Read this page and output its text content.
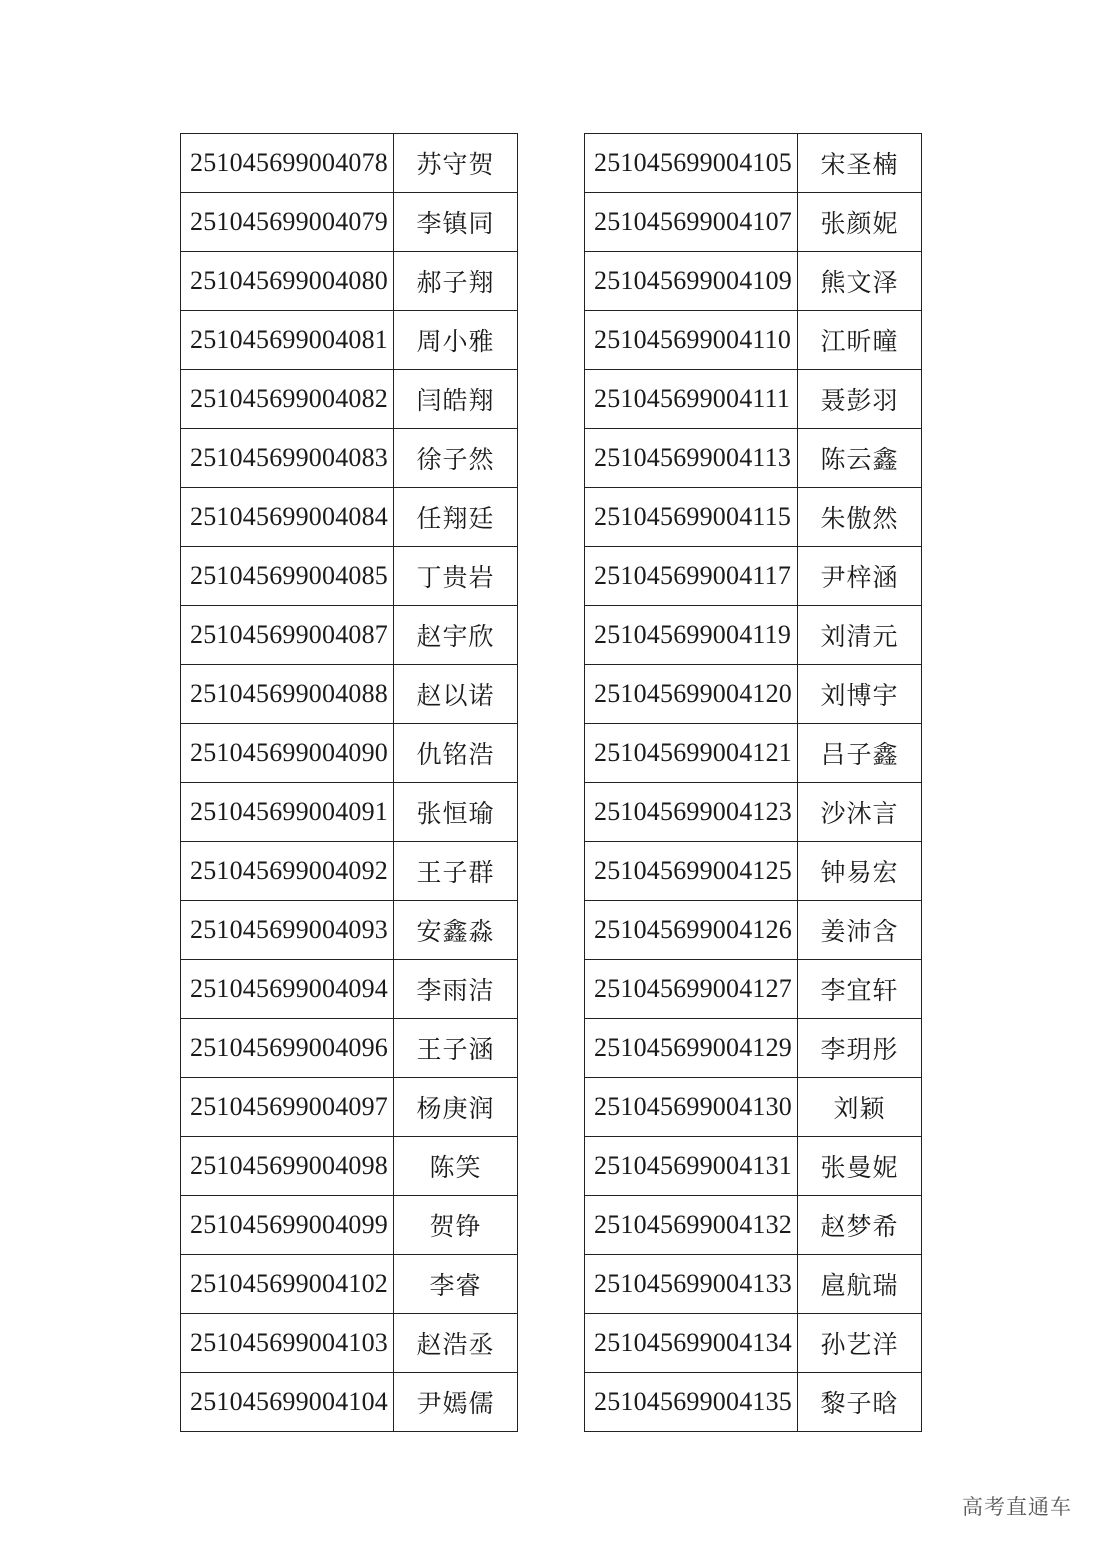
251045699004078	苏守贺
251045699004079	李镇同
251045699004080	郝子翔
251045699004081	周小雅
251045699004082	闫皓翔
251045699004083	徐子然
251045699004084	任翔廷
251045699004085	丁贵岩
251045699004087	赵宇欣
251045699004088	赵以诺
251045699004090	仇铭浩
251045699004091	张恒瑜
251045699004092	王子群
251045699004093	安鑫淼
251045699004094	李雨洁
251045699004096	王子涵
251045699004097	杨庚润
251045699004098	陈笑
251045699004099	贺铮
251045699004102	李睿
251045699004103	赵浩丞
251045699004104	尹嫣儒
251045699004105	宋圣楠
251045699004107	张颜妮
251045699004109	熊文泽
251045699004110	江昕曈
251045699004111	聂彭羽
251045699004113	陈云鑫
251045699004115	朱傲然
251045699004117	尹梓涵
251045699004119	刘清元
251045699004120	刘博宇
251045699004121	吕子鑫
251045699004123	沙沐言
251045699004125	钟易宏
251045699004126	姜沛含
251045699004127	李宜轩
251045699004129	李玥彤
251045699004130	刘颖
251045699004131	张曼妮
251045699004132	赵梦希
251045699004133	扈航瑞
251045699004134	孙艺洋
251045699004135	黎子晗
高考直通车
